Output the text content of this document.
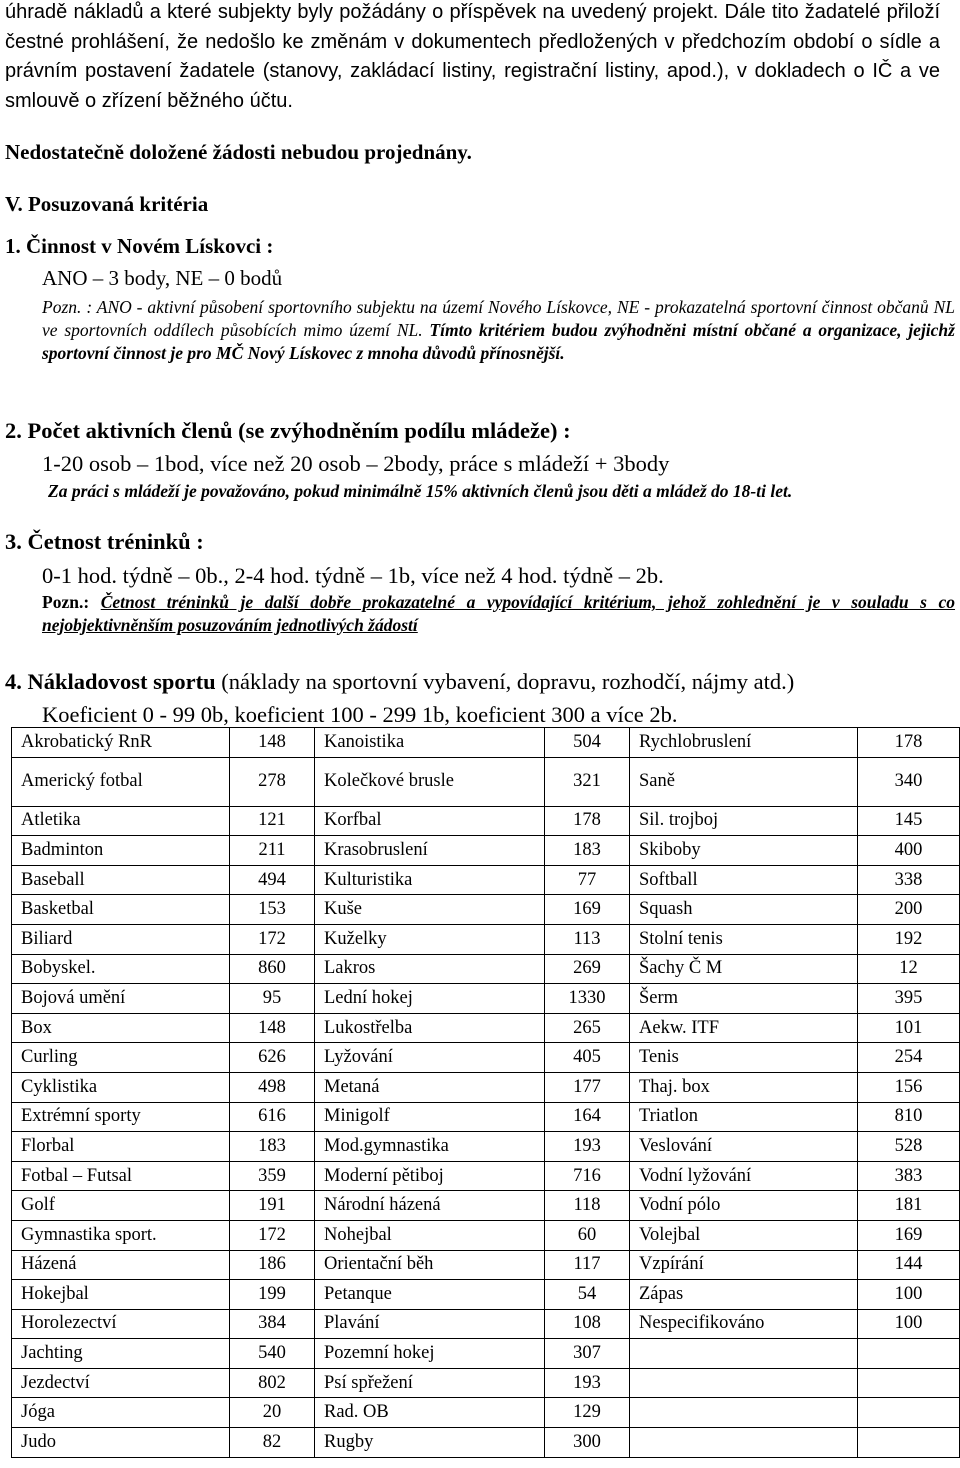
úhradě nákladů a které subjekty byly požádány o příspěvek na uvedený projekt. Dále tito žadatelé přiloží čestné prohlášení, že nedošlo ke změnám v dokumentech předložených v předchozím období o sídle a právním postavení žadatele (stanovy, zakládací listiny, registrační listiny, apod.), v dokladech o IČ a ve smlouvě o zřízení běžného účtu.
Nedostatečně doložené žádosti nebudou projednány.
V. Posuzovaná kritéria
1. Činnost v Novém Lískovci :
ANO – 3 body, NE – 0 bodů
Pozn. : ANO - aktivní působení sportovního subjektu na území Nového Lískovce, NE - prokazatelná sportovní činnost občanů NL ve sportovních oddílech působících mimo území NL. Tímto kritériem budou zvýhodněni místní občané a organizace, jejichž sportovní činnost je pro MČ Nový Lískovec z mnoha důvodů přínosnější.
2. Počet aktivních členů (se zvýhodněním podílu mládeže) :
1-20 osob – 1bod, více než 20 osob – 2body, práce s mládeží + 3body
Za práci s mládeží je považováno, pokud minimálně 15% aktivních členů jsou děti a mládež do 18-ti let.
3. Četnost tréninků :
0-1 hod. týdně – 0b., 2-4 hod. týdně – 1b, více než 4 hod. týdně – 2b.
Pozn.: Četnost tréninků je další dobře prokazatelné a vypovídající kritérium, jehož zohlednění je v souladu s co nejobjektivněnším posuzováním jednotlivých žádostí
4. Nákladovost sportu (náklady na sportovní vybavení, dopravu, rozhodčí, nájmy atd.)
Koeficient 0 - 99 0b, koeficient 100 - 299 1b, koeficient 300 a více 2b.
Akrobatický RnR	148	Kanoistika	504	Rychlobruslení	178
Americký fotbal	278	Kolečkové brusle	321	Saně	340
Atletika	121	Korfbal	178	Sil. trojboj	145
Badminton	211	Krasobruslení	183	Skiboby	400
Baseball	494	Kulturistika	77	Softball	338
Basketbal	153	Kuše	169	Squash	200
Biliard	172	Kuželky	113	Stolní tenis	192
Bobyskel.	860	Lakros	269	Šachy Č M	12
Bojová umění	95	Lední hokej	1330	Šerm	395
Box	148	Lukostřelba	265	Aekw. ITF	101
Curling	626	Lyžování	405	Tenis	254
Cyklistika	498	Metaná	177	Thaj. box	156
Extrémní sporty	616	Minigolf	164	Triatlon	810
Florbal	183	Mod.gymnastika	193	Veslování	528
Fotbal – Futsal	359	Moderní pětiboj	716	Vodní lyžování	383
Golf	191	Národní házená	118	Vodní pólo	181
Gymnastika sport.	172	Nohejbal	60	Volejbal	169
Házená	186	Orientační běh	117	Vzpírání	144
Hokejbal	199	Petanque	54	Zápas	100
Horolezectví	384	Plavání	108	Nespecifikováno	100
Jachting	540	Pozemní hokej	307		
Jezdectví	802	Psí spřežení	193		
Jóga	20	Rad. OB	129		
Judo	82	Rugby	300		
